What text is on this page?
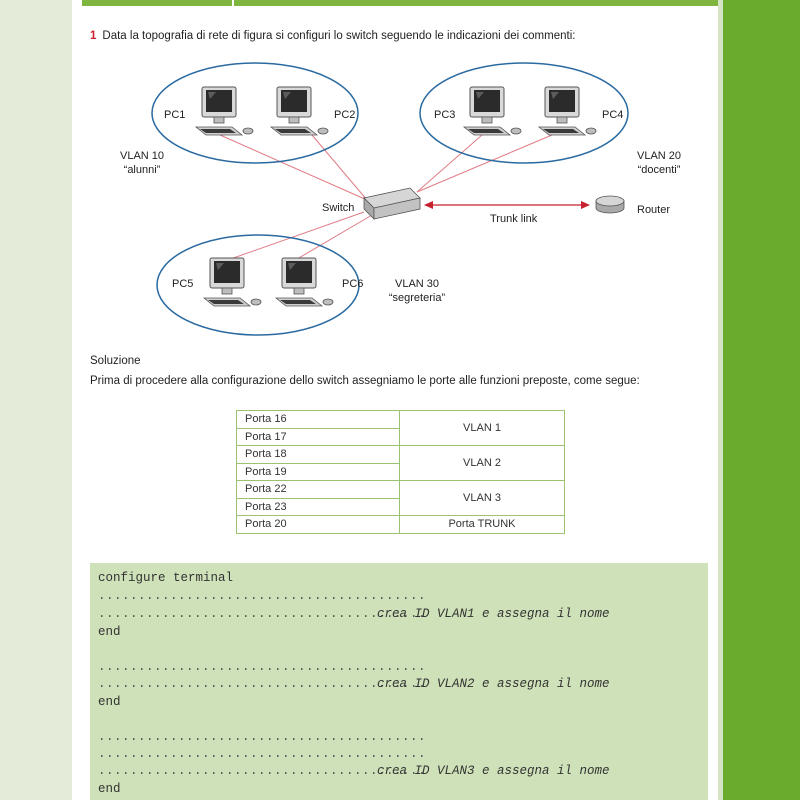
1 Data la topografia di rete di figura si configuri lo switch seguendo le indicazioni dei commenti:
PC1	PC2	PC3	PC4
PC5	PC6
VLAN 10
“alunni”
VLAN 20
“docenti”
VLAN 30
“segreteria”
Switch
Trunk link
Router
Soluzione
Prima di procedere alla configurazione dello switch assegniamo le porte alle funzioni preposte, come segue:
Porta 16	VLAN 1
Porta 17	
Porta 18	VLAN 2
Porta 19	
Porta 22	VLAN 3
Porta 23	
Porta 20	Porta TRUNK
configure terminal
.........................................
.........................................
crea ID VLAN1 e assegna il nome
end
.........................................
.........................................
crea ID VLAN2 e assegna il nome
end
.........................................
.........................................
.........................................
crea ID VLAN3 e assegna il nome
end
